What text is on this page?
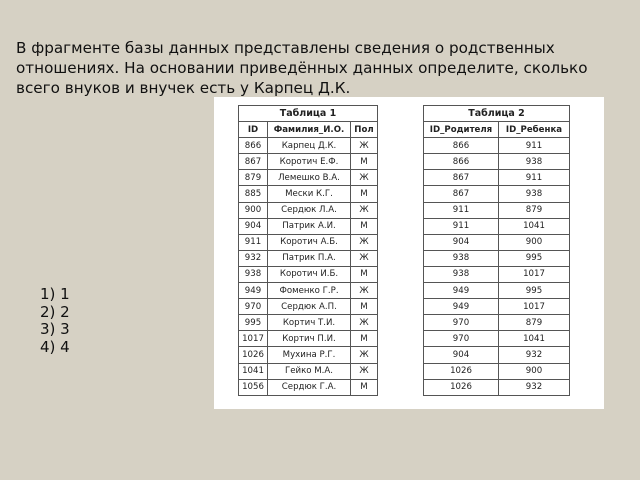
В фрагменте базы данных представлены сведения о родственных отношениях. На основании приведённых данных определите, сколько всего внуков и внучек есть у Карпец Д.К.

1) 1
2) 2
3) 3
4) 4
Таблица 1		
ID	Фамилия_И.О.	Пол
866	Карпец Д.К.	Ж
867	Коротич Е.Ф.	М
879	Лемешко В.А.	Ж
885	Мески К.Г.	М
900	Сердюк Л.А.	Ж
904	Патрик А.И.	М
911	Коротич А.Б.	Ж
932	Патрик П.А.	Ж
938	Коротич И.Б.	М
949	Фоменко Г.Р.	Ж
970	Сердюк А.П.	М
995	Кортич Т.И.	Ж
1017	Кортич П.И.	М
1026	Мухина Р.Г.	Ж
1041	Гейко М.А.	Ж
1056	Сердюк Г.А.	М
Таблица 2	
ID_Родителя	ID_Ребенка
866	911
866	938
867	911
867	938
911	879
911	1041
904	900
938	995
938	1017
949	995
949	1017
970	879
970	1041
904	932
1026	900
1026	932
